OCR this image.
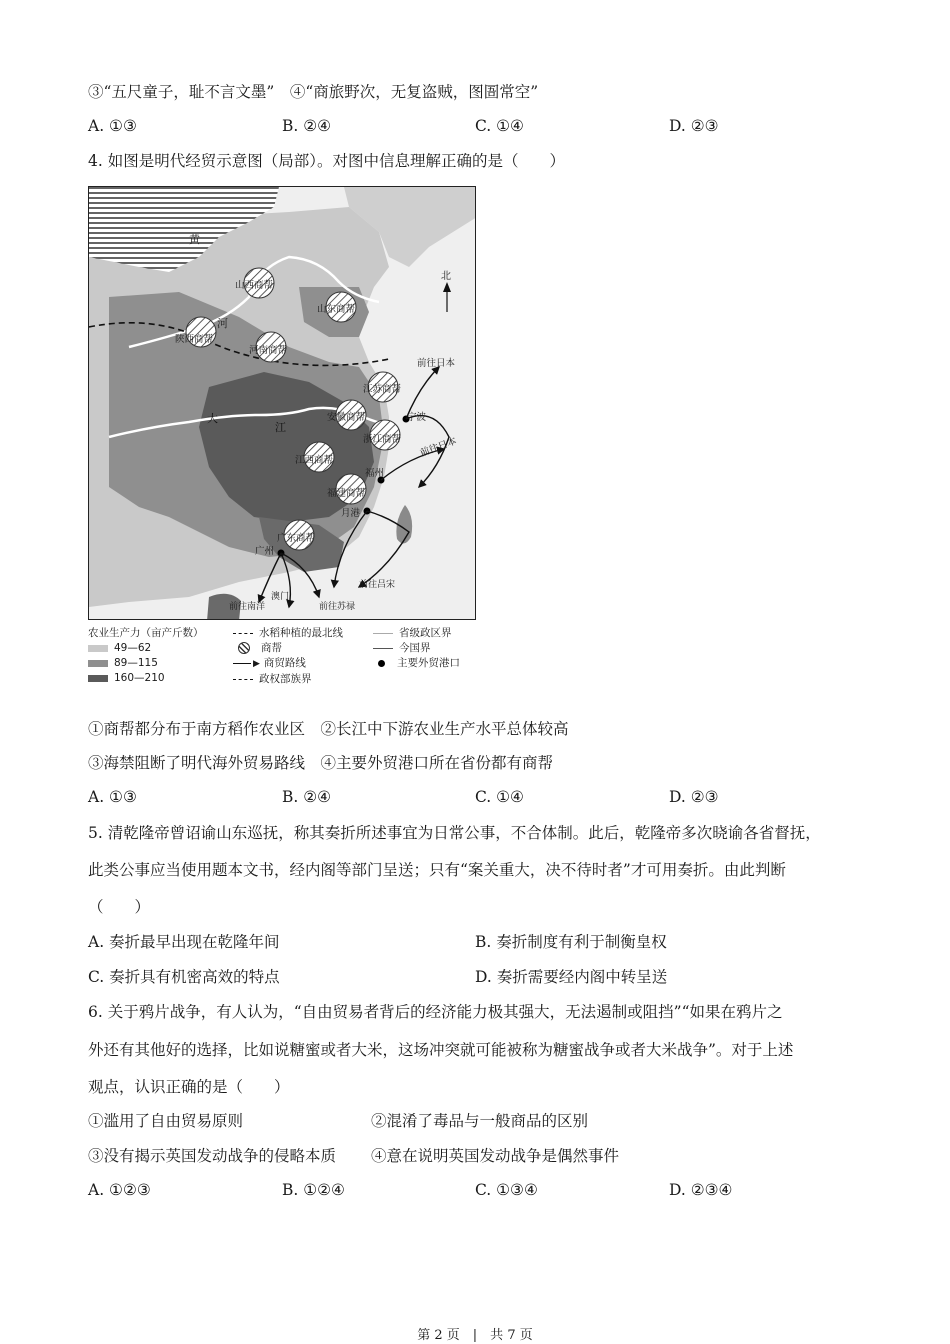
③“五尺童子，耻不言文墨”　④“商旅野次，无复盗贼，图圄常空”
A. ①③	B. ②④	C. ①④	D. ②③
4. 如图是明代经贸示意图（局部）。对图中信息理解正确的是（　　）
黄
河
大
江
山西商帮
山东商帮
陕西商帮
河南商帮
江苏商帮
安徽商帮
浙江商帮
江西商帮
福建商帮
广东商帮
前往日本
前往日本
宁波
福州
月港
广州
澳门
前往南洋	前往苏禄
前往吕宋
北
农业生产力（亩产斤数）
49—62
89—115
160—210
水稻种植的最北线
商帮
▶ 商贸路线
政权部族界
省级政区界
今国界
主要外贸港口
①商帮都分布于南方稻作农业区　②长江中下游农业生产水平总体较高
③海禁阻断了明代海外贸易路线　④主要外贸港口所在省份都有商帮
A. ①③	B. ②④	C. ①④	D. ②③
5. 清乾隆帝曾诏谕山东巡抚，称其奏折所述事宜为日常公事，不合体制。此后，乾隆帝多次晓谕各省督抚，
此类公事应当使用题本文书，经内阁等部门呈送；只有“案关重大，决不待时者”才可用奏折。由此判断
（　　）
A. 奏折最早出现在乾隆年间	B. 奏折制度有利于制衡皇权
C. 奏折具有机密高效的特点	D. 奏折需要经内阁中转呈送
6. 关于鸦片战争，有人认为，“自由贸易者背后的经济能力极其强大，无法遏制或阻挡”“如果在鸦片之
外还有其他好的选择，比如说糖蜜或者大米，这场冲突就可能被称为糖蜜战争或者大米战争”。对于上述
观点，认识正确的是（　　）
①滥用了自由贸易原则	②混淆了毒品与一般商品的区别
③没有揭示英国发动战争的侵略本质 ④意在说明英国发动战争是偶然事件
A. ①②③	B. ①②④	C. ①③④	D. ②③④
第 2 页　|　共 7 页
